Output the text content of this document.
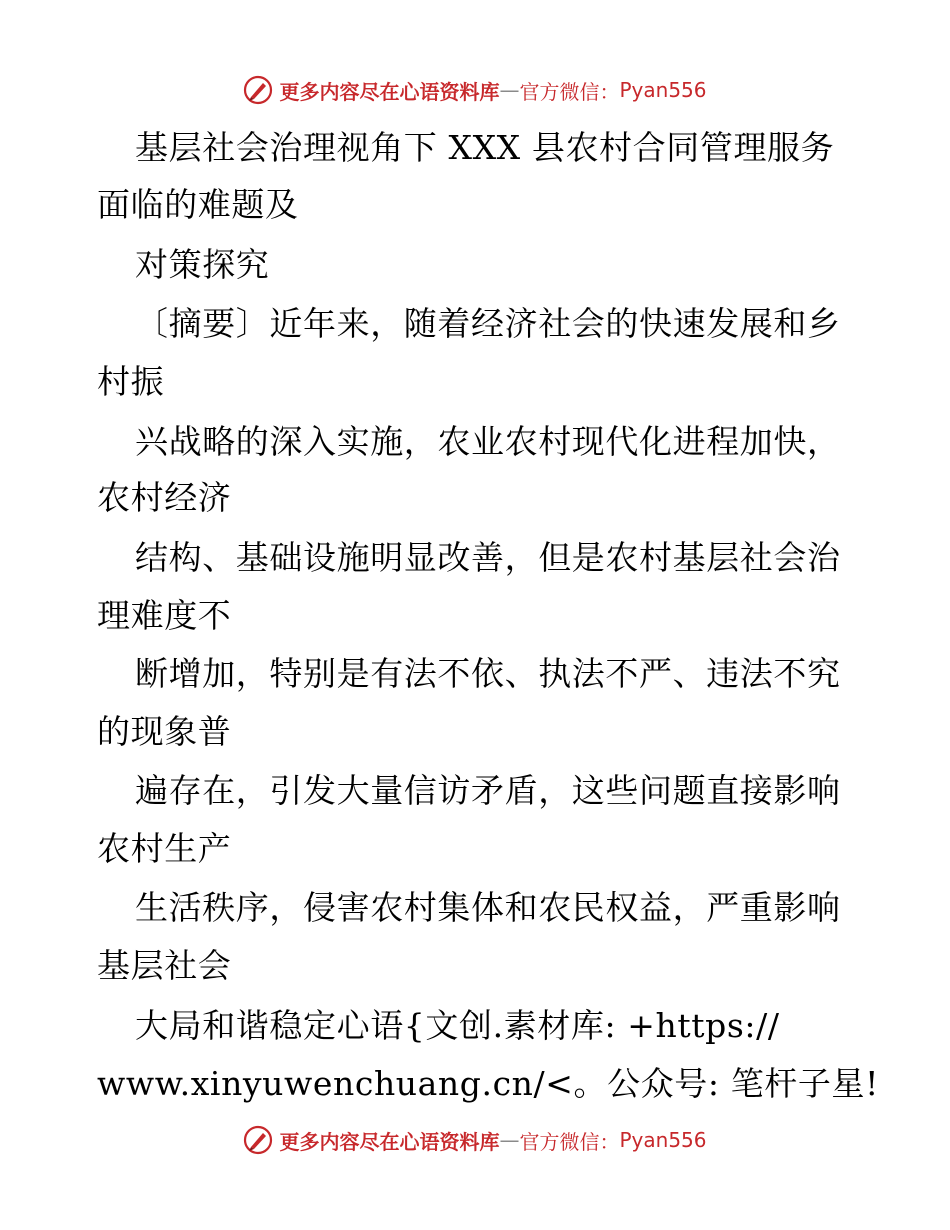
更多内容尽在心语资料库 — 官方微信： Pyan556
基层社会治理视角下 XXX 县农村合同管理服务
面临的难题及
对策探究
〔摘要〕近年来，随着经济社会的快速发展和乡
村振
兴战略的深入实施，农业农村现代化进程加快，
农村经济
结构、基础设施明显改善，但是农村基层社会治
理难度不
断增加，特别是有法不依、执法不严、违法不究
的现象普
遍存在，引发大量信访矛盾，这些问题直接影响
农村生产
生活秩序，侵害农村集体和农民权益，严重影响
基层社会
大局和谐稳定心语{文创.素材库: +https://
www.xinyuwenchuang.cn/<。公众号: 笔杆子星!
更多内容尽在心语资料库 — 官方微信： Pyan556
